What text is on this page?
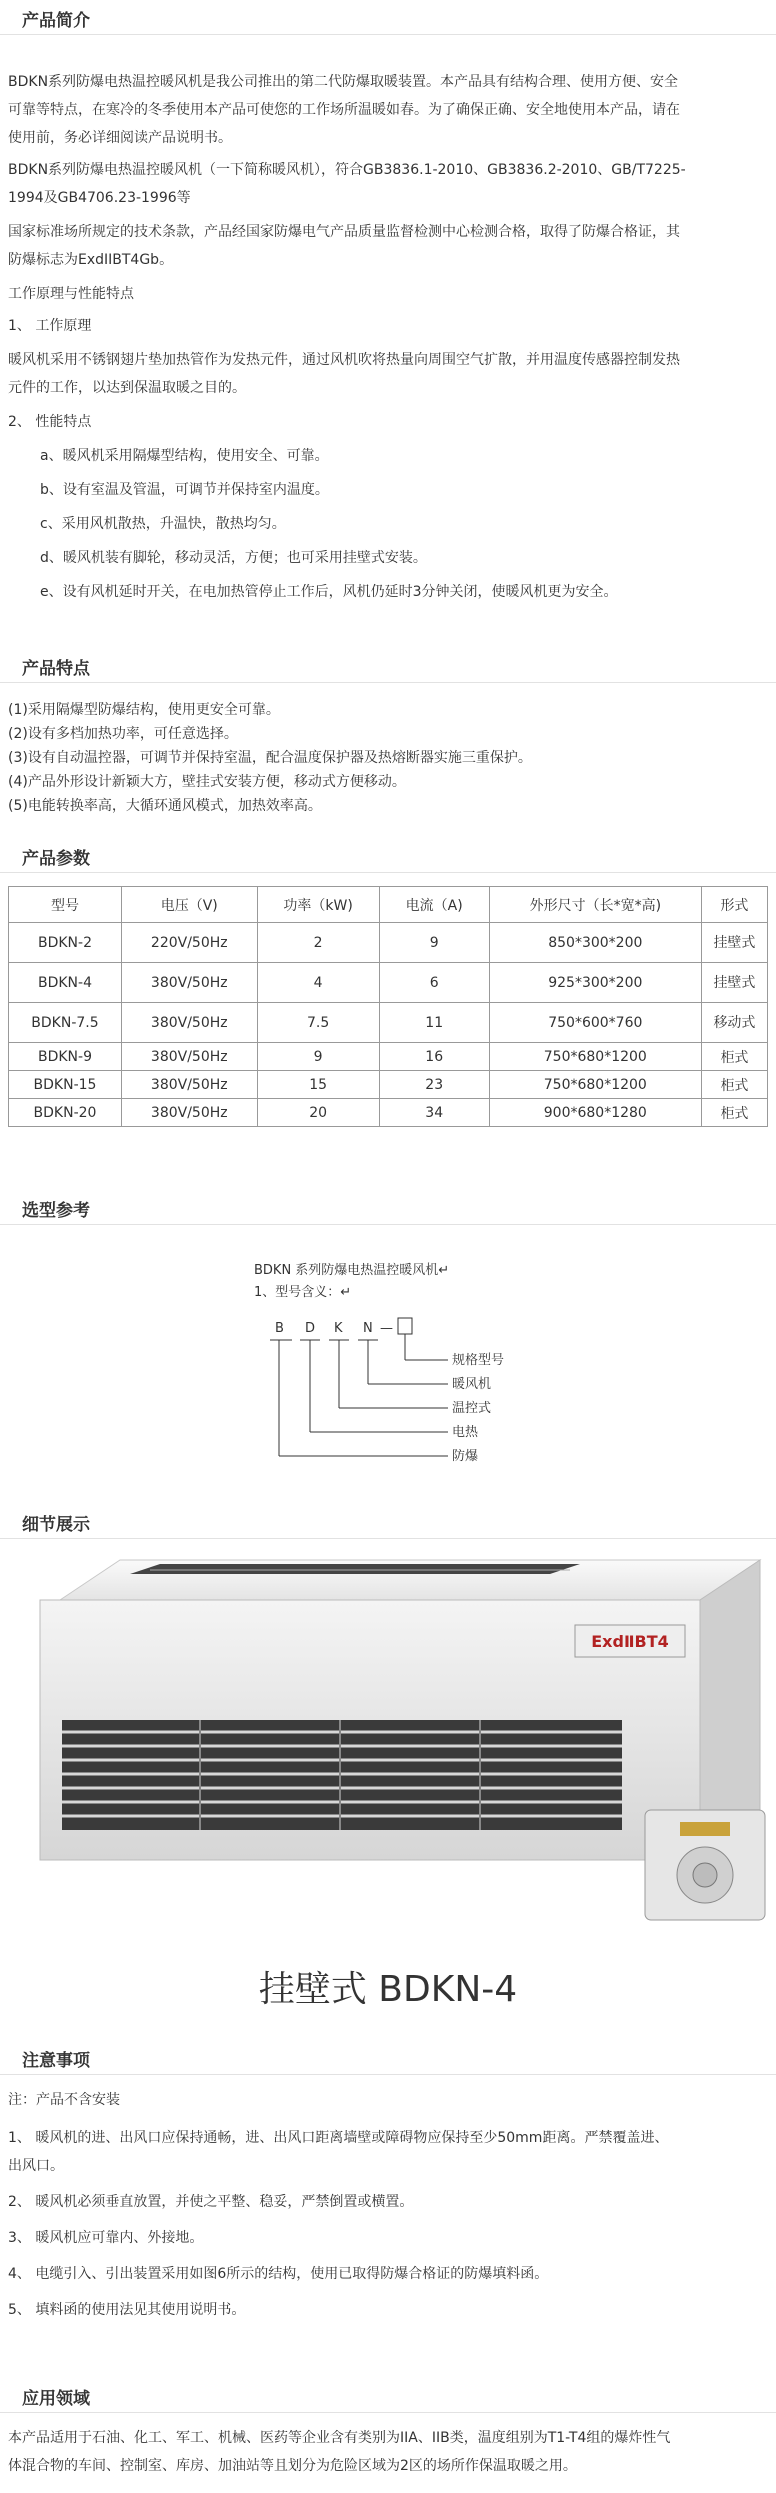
产品简介
BDKN系列防爆电热温控暖风机是我公司推出的第二代防爆取暖装置。本产品具有结构合理、使用方便、安全
可靠等特点，在寒冷的冬季使用本产品可使您的工作场所温暖如春。为了确保正确、安全地使用本产品，请在
使用前，务必详细阅读产品说明书。
BDKN系列防爆电热温控暖风机（一下简称暖风机），符合GB3836.1-2010、GB3836.2-2010、GB/T7225-
1994及GB4706.23-1996等
国家标准场所规定的技术条款，产品经国家防爆电气产品质量监督检测中心检测合格，取得了防爆合格证，其
防爆标志为ExdIIBT4Gb。
工作原理与性能特点
1、 工作原理
暖风机采用不锈钢翅片垫加热管作为发热元件，通过风机吹将热量向周围空气扩散，并用温度传感器控制发热
元件的工作，以达到保温取暖之目的。
2、 性能特点
a、暖风机采用隔爆型结构，使用安全、可靠。
b、设有室温及管温，可调节并保持室内温度。
c、采用风机散热，升温快，散热均匀。
d、暖风机装有脚轮，移动灵活，方便；也可采用挂壁式安装。
e、设有风机延时开关，在电加热管停止工作后，风机仍延时3分钟关闭，使暖风机更为安全。
产品特点
(1)采用隔爆型防爆结构，使用更安全可靠。
(2)设有多档加热功率，可任意选择。
(3)设有自动温控器，可调节并保持室温，配合温度保护器及热熔断器实施三重保护。
(4)产品外形设计新颖大方，壁挂式安装方便，移动式方便移动。
(5)电能转换率高，大循环通风模式，加热效率高。
产品参数
型号	电压（V)	功率（kW)	电流（A)	外形尺寸（长*宽*高)	形式
BDKN-2	220V/50Hz	2	9	850*300*200	挂壁式
BDKN-4	380V/50Hz	4	6	925*300*200	挂壁式
BDKN-7.5	380V/50Hz	7.5	11	750*600*760	移动式
BDKN-9	380V/50Hz	9	16	750*680*1200	柜式
BDKN-15	380V/50Hz	15	23	750*680*1200	柜式
BDKN-20	380V/50Hz	20	34	900*680*1280	柜式
选型参考
BDKN 系列防爆电热温控暖风机↵
1、型号含义：↵
B D K N —
规格型号
暖风机
温控式
电热
防爆
细节展示
ExdⅡBT4
挂壁式 BDKN-4
注意事项
注：产品不含安装
1、 暖风机的进、出风口应保持通畅，进、出风口距离墙壁或障碍物应保持至少50mm距离。严禁覆盖进、
出风口。
2、 暖风机必须垂直放置，并使之平整、稳妥，严禁倒置或横置。
3、 暖风机应可靠内、外接地。
4、 电缆引入、引出装置采用如图6所示的结构，使用已取得防爆合格证的防爆填料函。
5、 填料函的使用法见其使用说明书。
应用领域
本产品适用于石油、化工、军工、机械、医药等企业含有类别为IIA、IIB类，温度组别为T1-T4组的爆炸性气
体混合物的车间、控制室、库房、加油站等且划分为危险区域为2区的场所作保温取暖之用。
